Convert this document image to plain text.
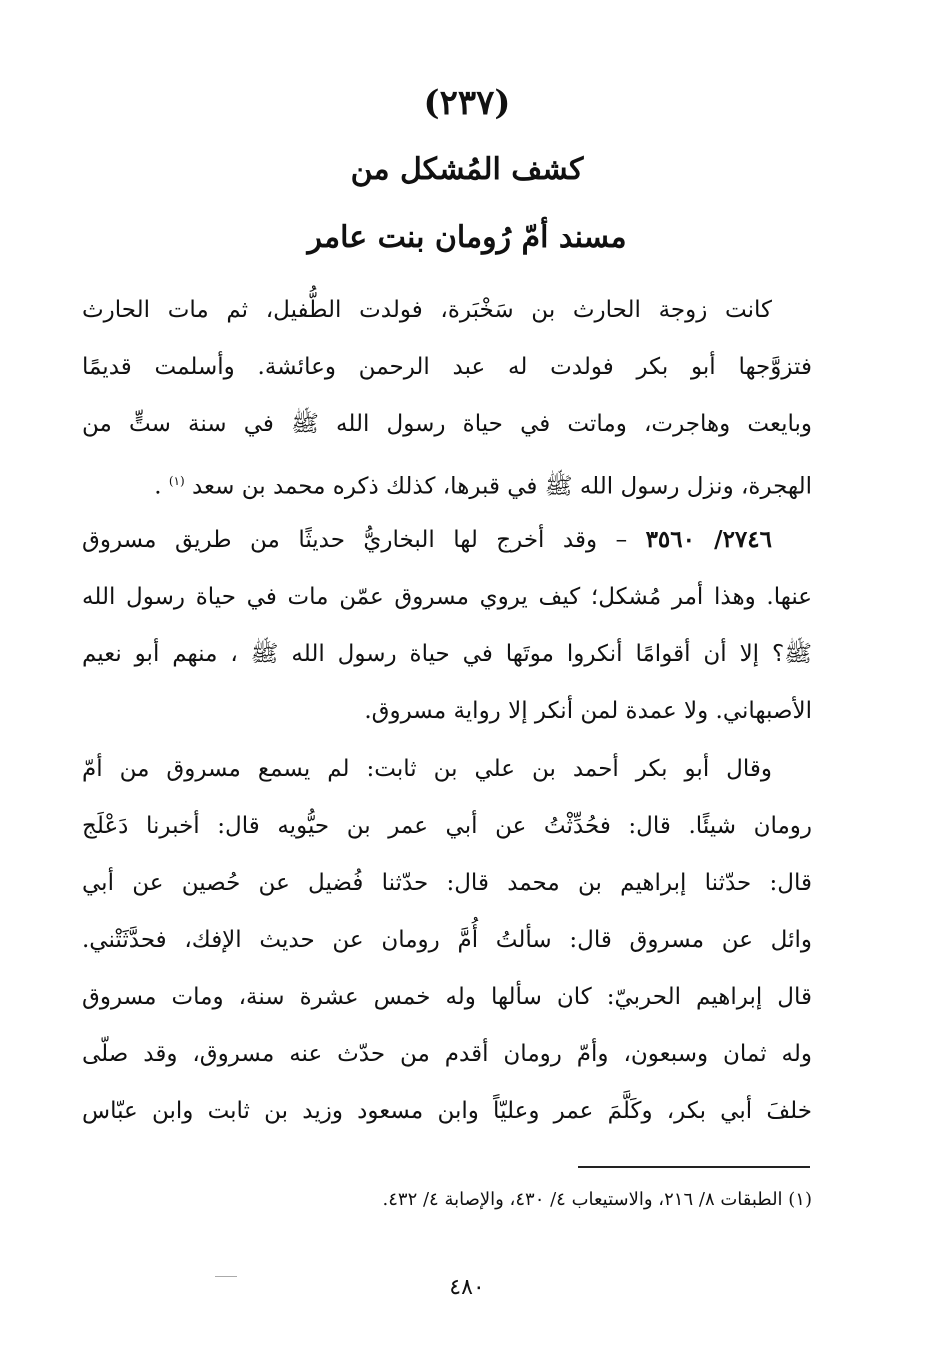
(٢٣٧)
كشف المُشكل من
مسند أمّ رُومان بنت عامر

كانت زوجة الحارث بن سَخْبَرة، فولدت الطُّفيل، ثم مات الحارث

فتزوَّجها أبو بكر فولدت له عبد الرحمن وعائشة. وأسلمت قديمًا

وبايعت وهاجرت، وماتت في حياة رسول الله ﷺ في سنة ستٍّ من

الهجرة، ونزل رسول الله ﷺ في قبرها، كذلك ذكره محمد بن سعد $^{(١)}$ .

٢٧٤٦/ ٣٥٦٠ – وقد أخرج لها البخاريُّ حديثًا من طريق مسروق

عنها. وهذا أمر مُشكل؛ كيف يروي مسروق عمّن مات في حياة رسول الله

ﷺ؟ إلا أن أقوامًا أنكروا موتَها في حياة رسول الله ﷺ ، منهم أبو نعيم

الأصبهاني. ولا عمدة لمن أنكر إلا رواية مسروق.

وقال أبو بكر أحمد بن علي بن ثابت: لم يسمع مسروق من أمّ

رومان شيئًا. قال: فحُدِّثْتُ عن أبي عمر بن حيُّويه قال: أخبرنا دَعْلَج

قال: حدّثنا إبراهيم بن محمد قال: حدّثنا فُضيل عن حُصين عن أبي

وائل عن مسروق قال: سألتُ أُمَّ رومان عن حديث الإفك، فحدَّثَتْني.

قال إبراهيم الحربيّ: كان سألها وله خمس عشرة سنة، ومات مسروق

وله ثمان وسبعون، وأمّ رومان أقدم من حدّث عنه مسروق، وقد صلّى

خلفَ أبي بكر، وكَلَّمَ عمر وعليّاً وابن مسعود وزيد بن ثابت وابن عبّاس

(١) الطبقات ٨/ ٢١٦، والاستيعاب ٤/ ٤٣٠، والإصابة ٤/ ٤٣٢.
٤٨٠
